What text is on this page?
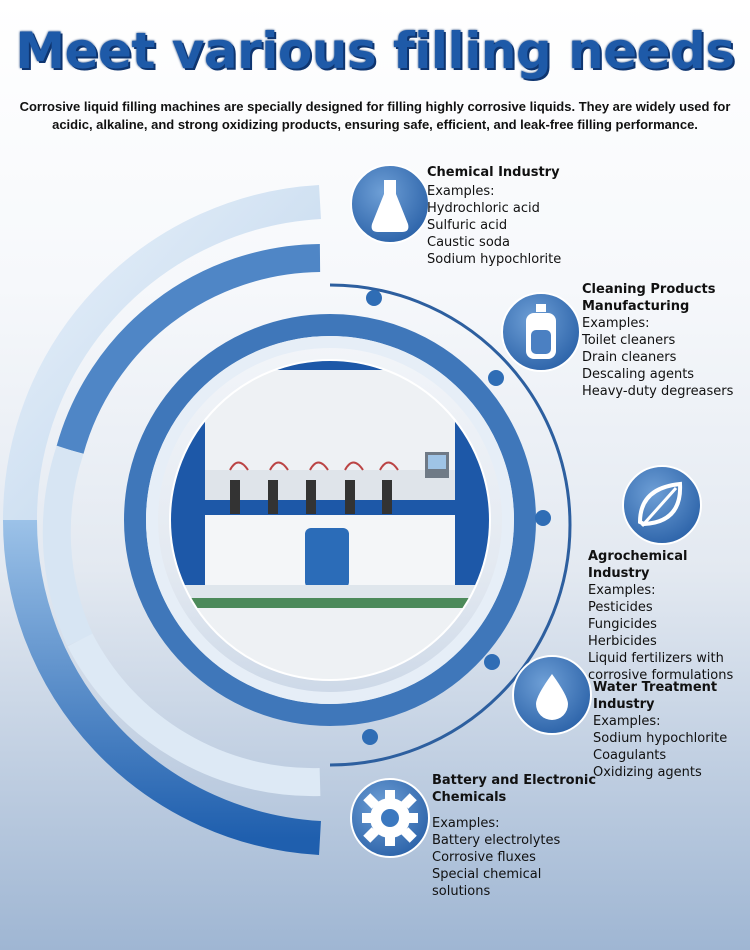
Meet various filling needs
Corrosive liquid filling machines are specially designed for filling highly corrosive liquids. They are widely used for acidic, alkaline, and strong oxidizing products, ensuring safe, efficient, and leak-free filling performance.
Chemical Industry
Examples:
Hydrochloric acid
Sulfuric acid
Caustic soda
Sodium hypochlorite
Cleaning Products Manufacturing
Examples:
Toilet cleaners
Drain cleaners
Descaling agents
Heavy-duty degreasers
Agrochemical Industry
Examples:
Pesticides
Fungicides
Herbicides
Liquid fertilizers with corrosive formulations
Water Treatment Industry
Examples:
Sodium hypochlorite
Coagulants
Oxidizing agents
Battery and Electronic Chemicals
Examples:
Battery electrolytes
Corrosive fluxes
Special chemical solutions
